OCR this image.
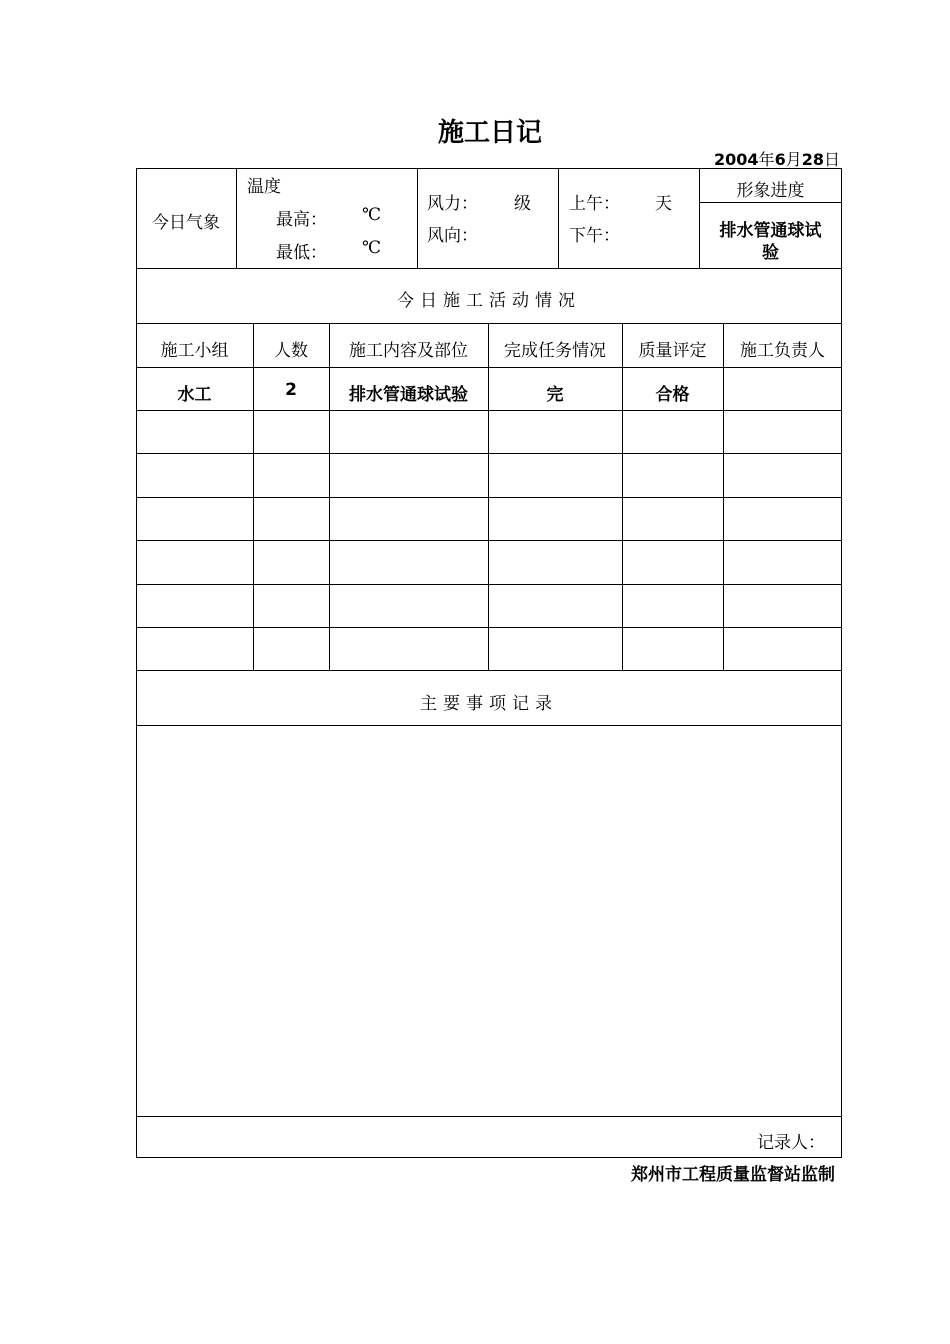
施工日记
2004年6月28日
今日气象
温度
最高： ℃
最低： ℃
风力： 级
风向：
上午： 天
下午：
形象进度
排水管通球试
验
今日施工活动情况
施工小组	人数	施工内容及部位	完成任务情况	质量评定	施工负责人
水工	2	排水管通球试验	完	合格
主要事项记录
记录人：
郑州市工程质量监督站监制
